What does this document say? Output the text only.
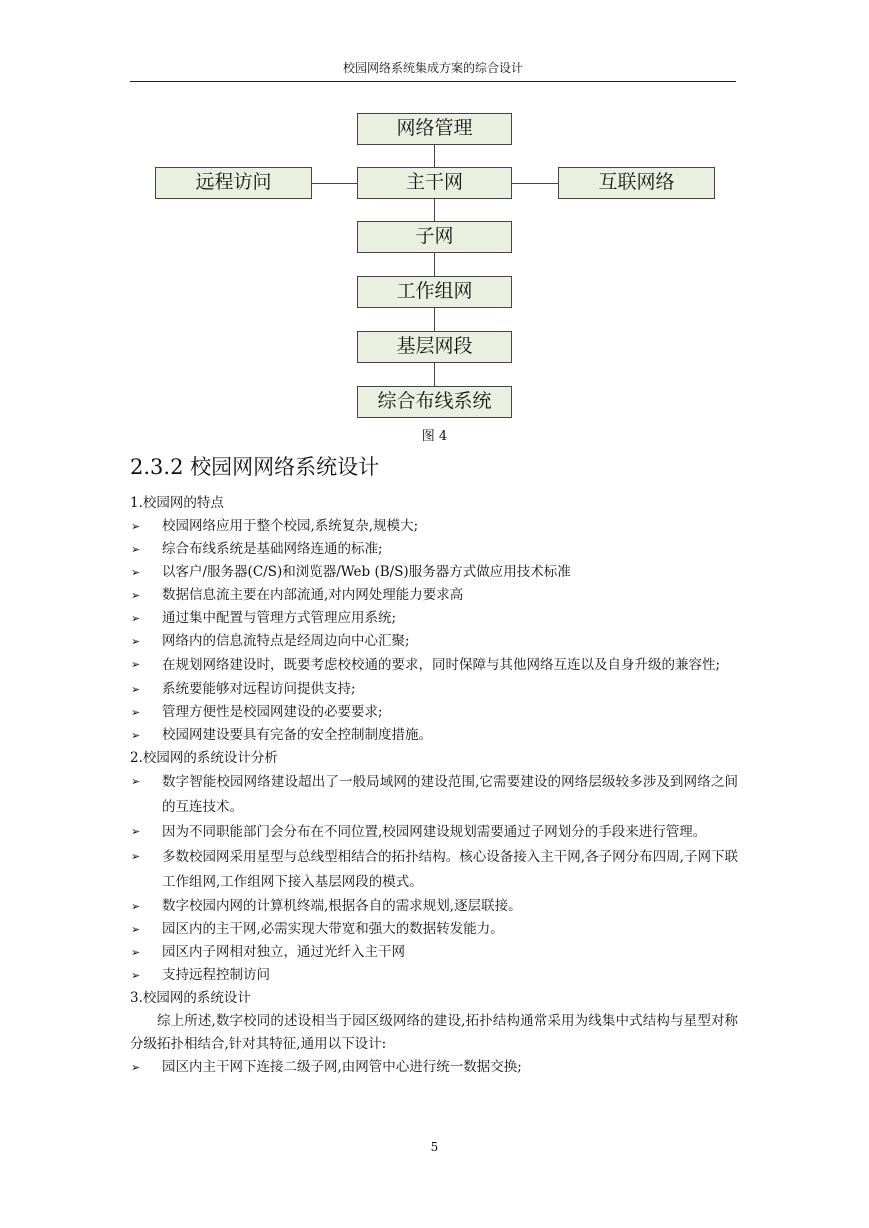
校园网络系统集成方案的综合设计
网络管理
主干网
远程访问	互联网络
子网
工作组网
基层网段
综合布线系统
图 4
2.3.2 校园网网络系统设计
1.校园网的特点
➢ 校园网络应用于整个校园,系统复杂,规模大;
➢ 综合布线系统是基础网络连通的标准;
➢ 以客户/服务器(C/S)和浏览器/Web (B/S)服务器方式做应用技术标准
➢ 数据信息流主要在内部流通,对内网处理能力要求高
➢ 通过集中配置与管理方式管理应用系统;
➢ 网络内的信息流特点是经周边向中心汇聚;
➢ 在规划网络建设时，既要考虑校校通的要求，同时保障与其他网络互连以及自身升级的兼容性;
➢ 系统要能够对远程访问提供支持;
➢ 管理方便性是校园网建设的必要要求;
➢ 校园网建设要具有完备的安全控制制度措施。
2.校园网的系统设计分析
➢ 数字智能校园网络建设超出了一般局域网的建设范围,它需要建设的网络层级较多涉及到网络之间的互连技术。
➢ 因为不同职能部门会分布在不同位置,校园网建设规划需要通过子网划分的手段来进行管理。
➢ 多数校园网采用星型与总线型相结合的拓扑结构。核心设备接入主干网,各子网分布四周,子网下联工作组网,工作组网下接入基层网段的模式。
➢ 数字校园内网的计算机终端,根据各自的需求规划,逐层联接。
➢ 园区内的主干网,必需实现大带宽和强大的数据转发能力。
➢ 园区内子网相对独立，通过光纤入主干网
➢ 支持远程控制访问
3.校园网的系统设计
综上所述,数字校同的述设相当于园区级网络的建设,拓扑结构通常采用为线集中式结构与星型对称分级拓扑相结合,针对其特征,通用以下设计:
➢ 园区内主干网下连接二级子网,由网管中心进行统一数据交换;
5
